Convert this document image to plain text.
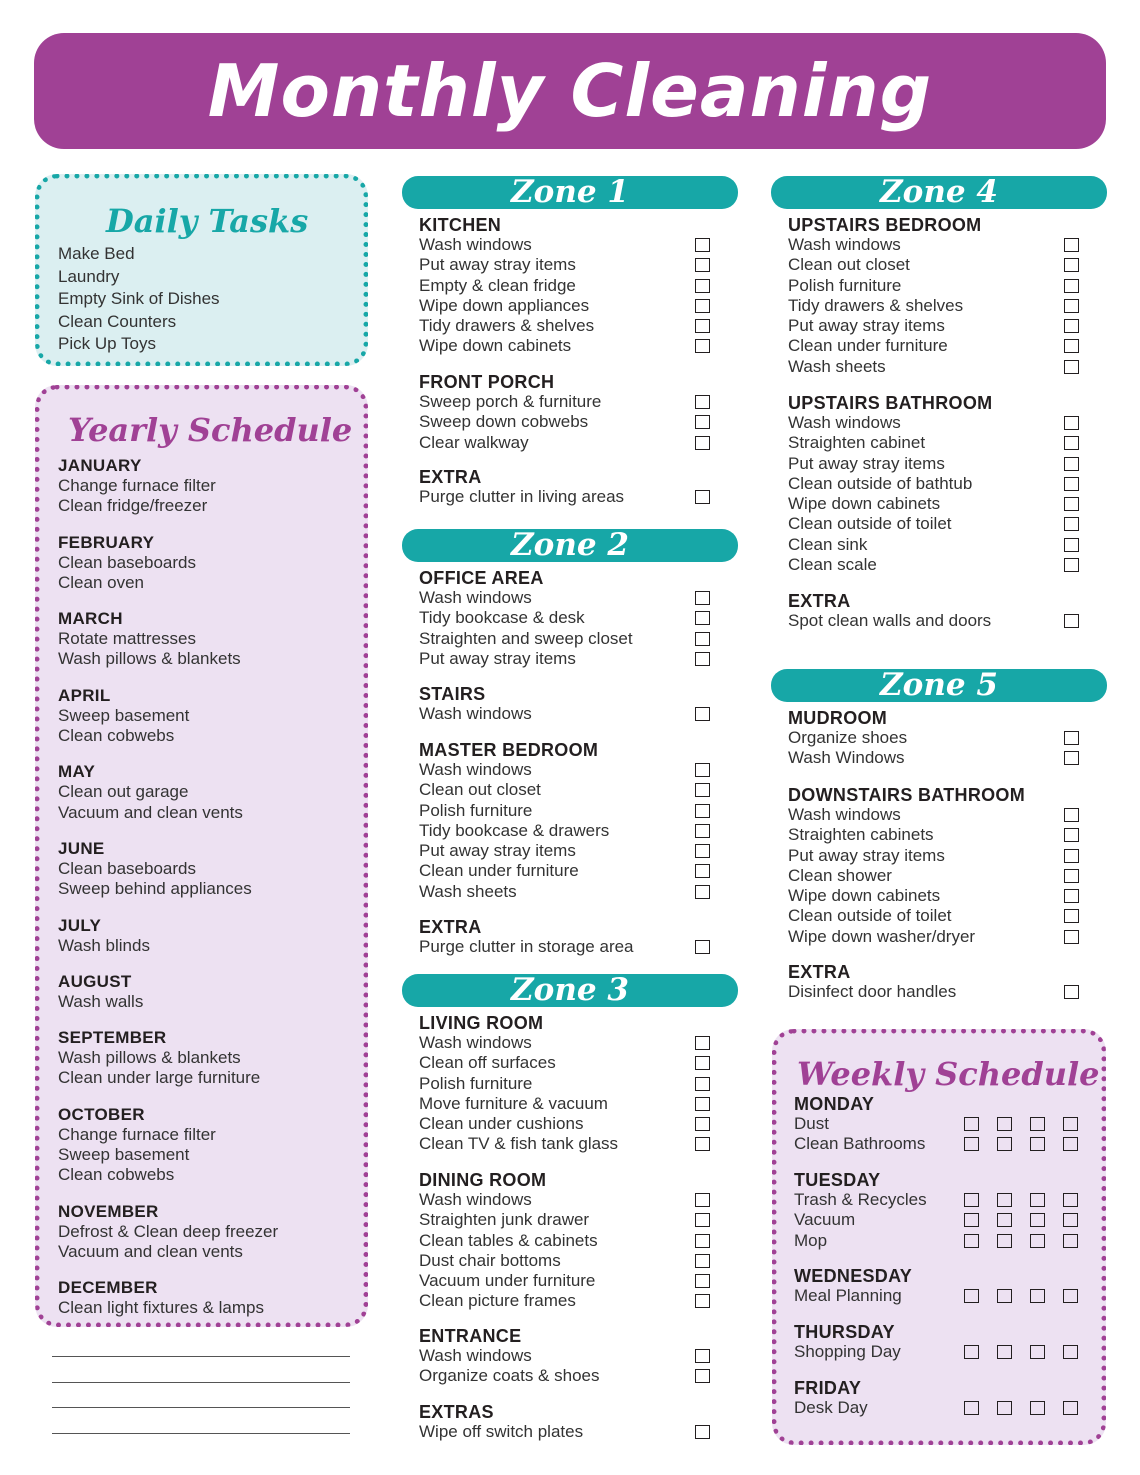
Monthly Cleaning
Daily Tasks
Make Bed
Laundry
Empty Sink of Dishes
Clean Counters
Pick Up Toys
Yearly Schedule
JANUARY
Change furnace filter
Clean fridge/freezer
FEBRUARY
Clean baseboards
Clean oven
MARCH
Rotate mattresses
Wash pillows & blankets
APRIL
Sweep basement
Clean cobwebs
MAY
Clean out garage
Vacuum and clean vents
JUNE
Clean baseboards
Sweep behind appliances
JULY
Wash blinds
AUGUST
Wash walls
SEPTEMBER
Wash pillows & blankets
Clean under large furniture
OCTOBER
Change furnace filter
Sweep basement
Clean cobwebs
NOVEMBER
Defrost & Clean deep freezer
Vacuum and clean vents
DECEMBER
Clean light fixtures & lamps
Zone 1
KITCHEN
Wash windows
Put away stray items
Empty & clean fridge
Wipe down appliances
Tidy drawers & shelves
Wipe down cabinets
FRONT PORCH
Sweep porch & furniture
Sweep down cobwebs
Clear walkway
EXTRA
Purge clutter in living areas
Zone 2
OFFICE AREA
Wash windows
Tidy bookcase & desk
Straighten and sweep closet
Put away stray items
STAIRS
Wash windows
MASTER BEDROOM
Wash windows
Clean out closet
Polish furniture
Tidy bookcase & drawers
Put away stray items
Clean under furniture
Wash sheets
EXTRA
Purge clutter in storage area
Zone 3
LIVING ROOM
Wash windows
Clean off surfaces
Polish furniture
Move furniture & vacuum
Clean under cushions
Clean TV & fish tank glass
DINING ROOM
Wash windows
Straighten junk drawer
Clean tables & cabinets
Dust chair bottoms
Vacuum under furniture
Clean picture frames
ENTRANCE
Wash windows
Organize coats & shoes
EXTRAS
Wipe off switch plates
Zone 4
UPSTAIRS BEDROOM
Wash windows
Clean out closet
Polish furniture
Tidy drawers & shelves
Put away stray items
Clean under furniture
Wash sheets
UPSTAIRS BATHROOM
Wash windows
Straighten cabinet
Put away stray items
Clean outside of bathtub
Wipe down cabinets
Clean outside of toilet
Clean sink
Clean scale
EXTRA
Spot clean walls and doors
Zone 5
MUDROOM
Organize shoes
Wash Windows
DOWNSTAIRS BATHROOM
Wash windows
Straighten cabinets
Put away stray items
Clean shower
Wipe down cabinets
Clean outside of toilet
Wipe down washer/dryer
EXTRA
Disinfect door handles
Weekly Schedule
MONDAY
Dust
Clean Bathrooms
TUESDAY
Trash & Recycles
Vacuum
Mop
WEDNESDAY
Meal Planning
THURSDAY
Shopping Day
FRIDAY
Desk Day
